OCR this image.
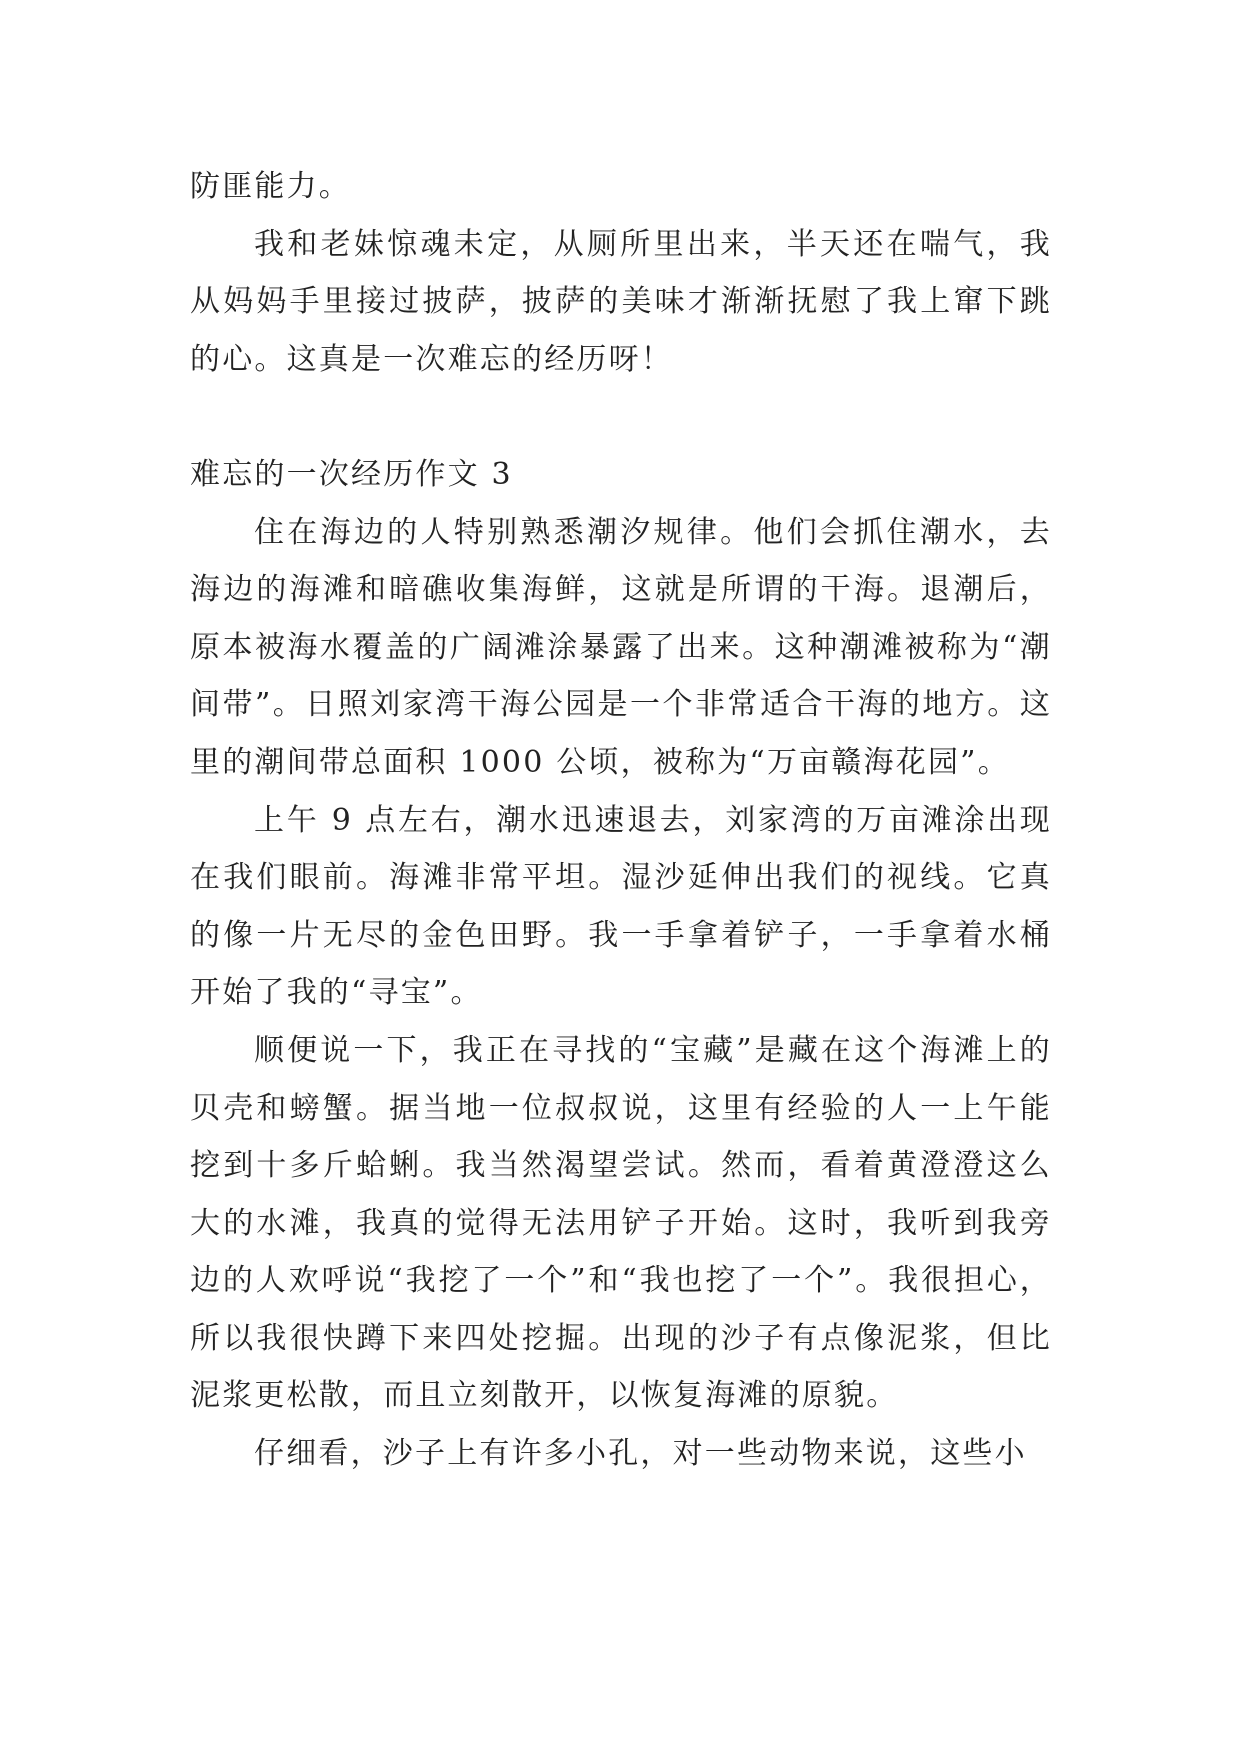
防匪能力。

我和老妹惊魂未定，从厕所里出来，半天还在喘气，我从妈妈手里接过披萨，披萨的美味才渐渐抚慰了我上窜下跳的心。这真是一次难忘的经历呀！

难忘的一次经历作文 3

住在海边的人特别熟悉潮汐规律。他们会抓住潮水，去海边的海滩和暗礁收集海鲜，这就是所谓的干海。退潮后，原本被海水覆盖的广阔滩涂暴露了出来。这种潮滩被称为“潮间带”。日照刘家湾干海公园是一个非常适合干海的地方。这里的潮间带总面积 1000 公顷，被称为“万亩赣海花园”。

上午 9 点左右，潮水迅速退去，刘家湾的万亩滩涂出现在我们眼前。海滩非常平坦。湿沙延伸出我们的视线。它真的像一片无尽的金色田野。我一手拿着铲子，一手拿着水桶开始了我的“寻宝”。

顺便说一下，我正在寻找的“宝藏”是藏在这个海滩上的贝壳和螃蟹。据当地一位叔叔说，这里有经验的人一上午能挖到十多斤蛤蜊。我当然渴望尝试。然而，看着黄澄澄这么大的水滩，我真的觉得无法用铲子开始。这时，我听到我旁边的人欢呼说“我挖了一个”和“我也挖了一个”。我很担心，所以我很快蹲下来四处挖掘。出现的沙子有点像泥浆，但比泥浆更松散，而且立刻散开，以恢复海滩的原貌。

仔细看，沙子上有许多小孔，对一些动物来说，这些小
